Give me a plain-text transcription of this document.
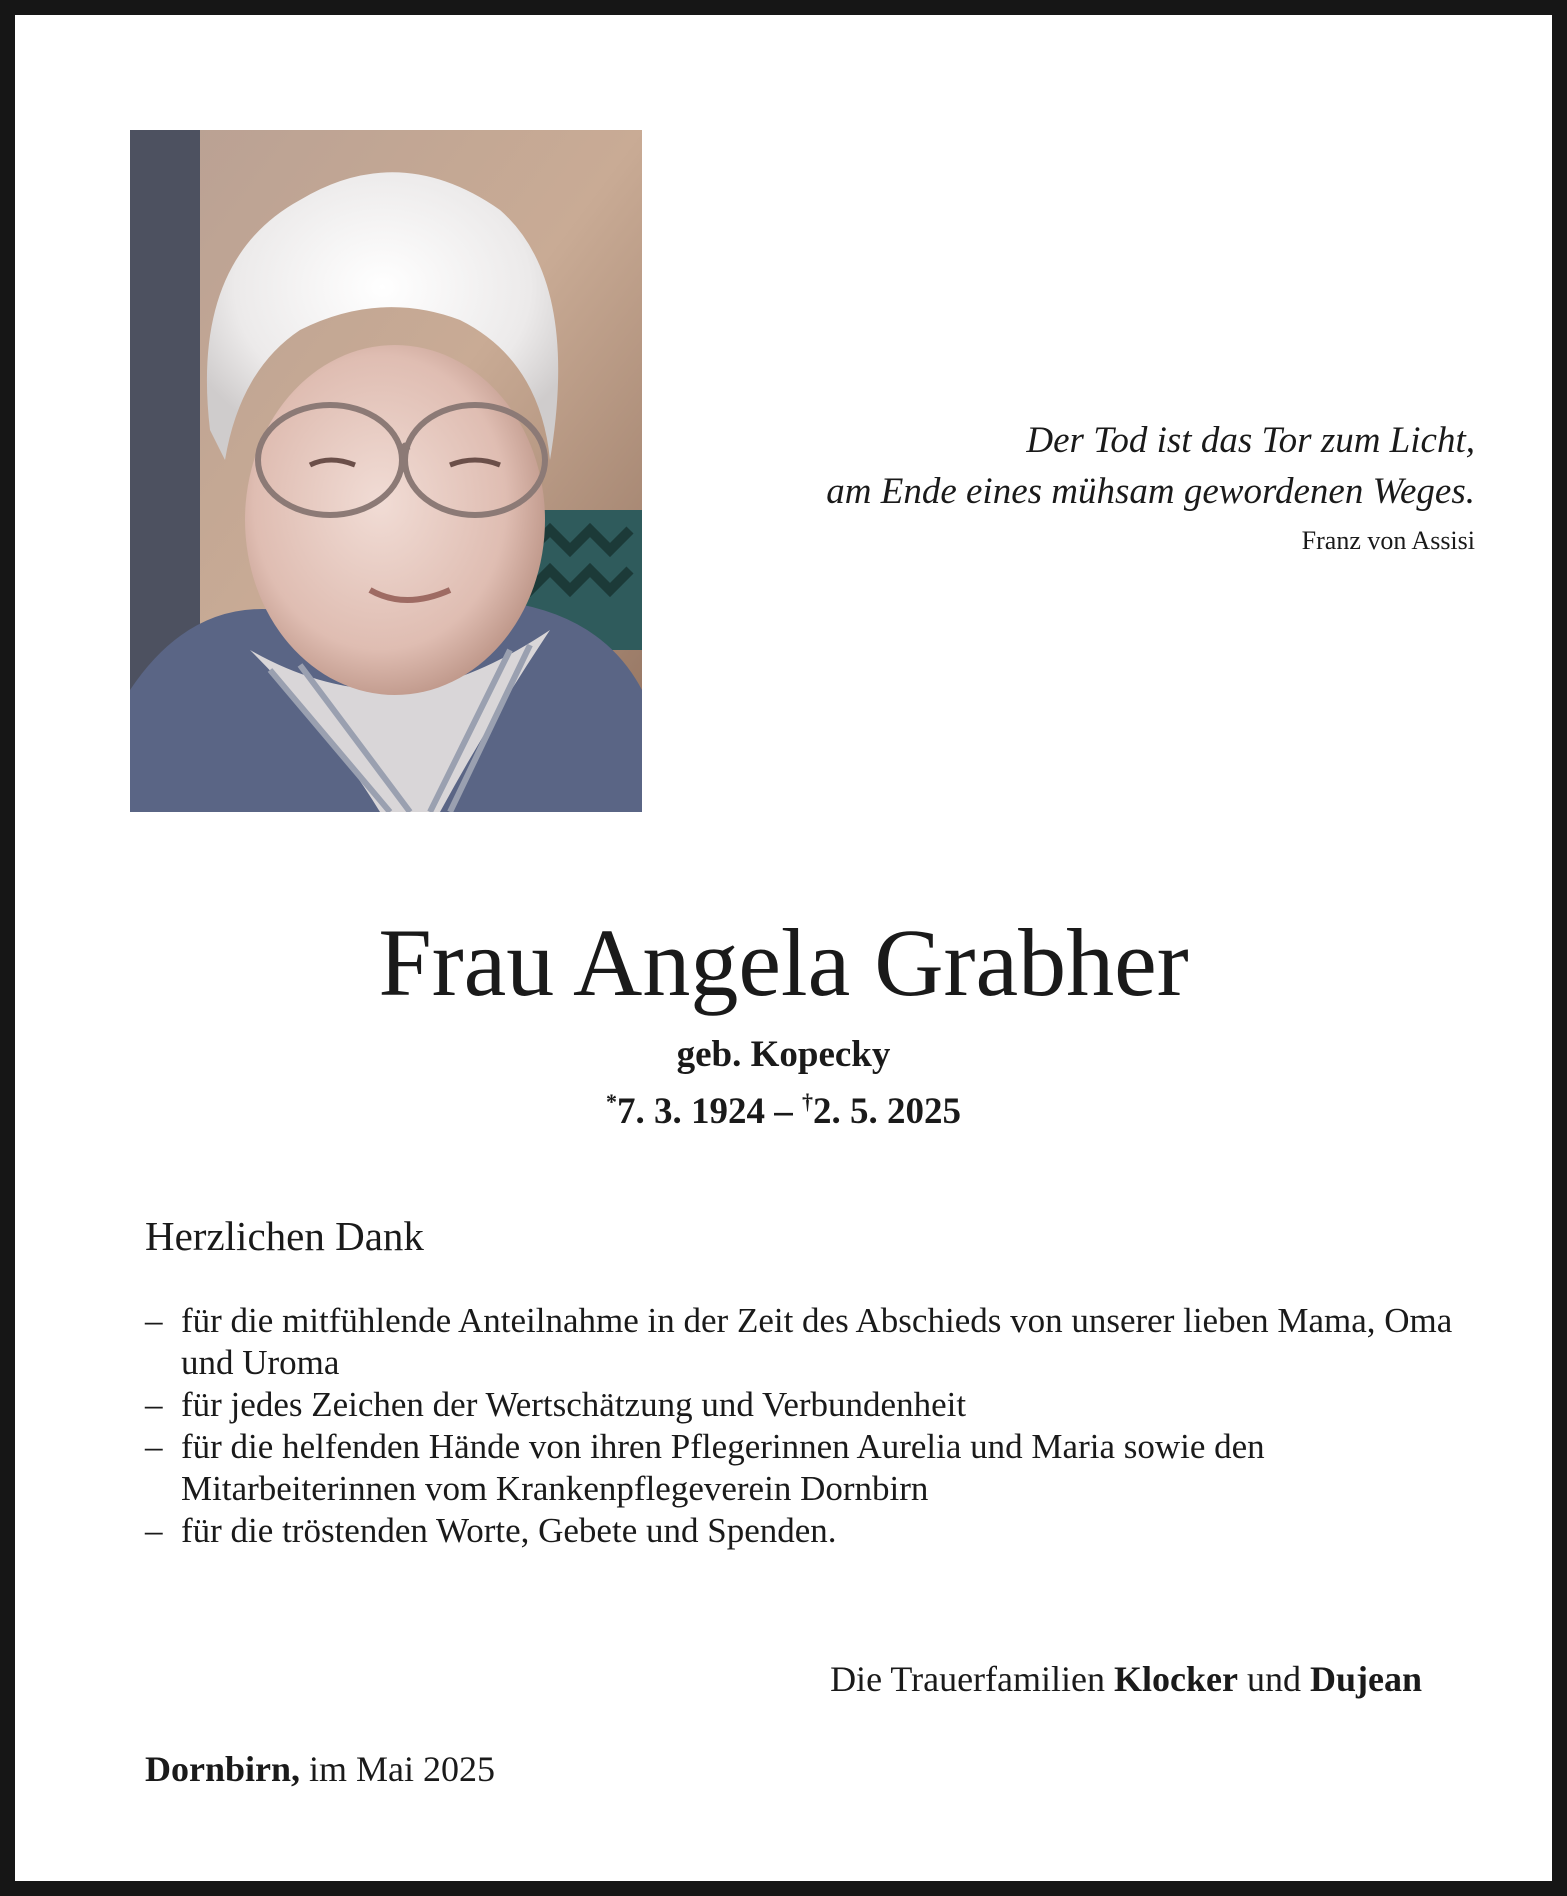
Der Tod ist das Tor zum Licht,
am Ende eines mühsam gewordenen Weges.
Franz von Assisi
Frau Angela Grabher
geb. Kopecky
*7. 3. 1924 – †2. 5. 2025
Herzlichen Dank
– für die mitfühlende Anteilnahme in der Zeit des Abschieds von unserer lieben Mama, Oma und Uroma
– für jedes Zeichen der Wertschätzung und Verbundenheit
– für die helfenden Hände von ihren Pflegerinnen Aurelia und Maria sowie den Mitarbeiterinnen vom Krankenpflegeverein Dornbirn
– für die tröstenden Worte, Gebete und Spenden.
Die Trauerfamilien Klocker und Dujean
Dornbirn, im Mai 2025
